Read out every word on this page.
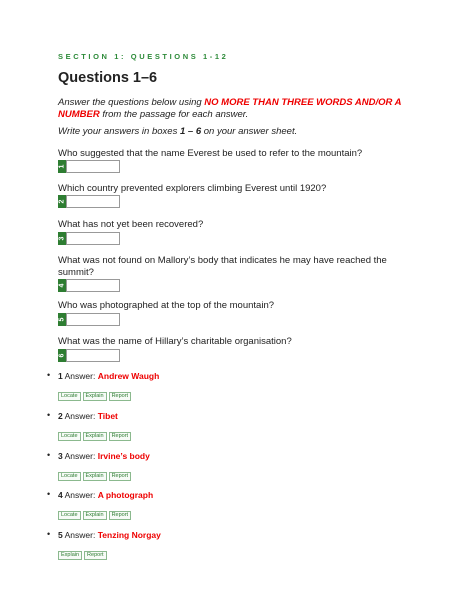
SECTION 1: QUESTIONS 1-12
Questions 1–6
Answer the questions below using NO MORE THAN THREE WORDS AND/OR A NUMBER from the passage for each answer.
Write your answers in boxes 1 – 6 on your answer sheet.
Who suggested that the name Everest be used to refer to the mountain?
1
Which country prevented explorers climbing Everest until 1920?
2
What has not yet been recovered?
3
What was not found on Mallory’s body that indicates he may have reached the summit?
4
Who was photographed at the top of the mountain?
5
What was the name of Hillary’s charitable organisation?
6
• 1 Answer: Andrew Waugh
Locate	Explain	Report
• 2 Answer: Tibet
Locate	Explain	Report
• 3 Answer: Irvine’s body
Locate	Explain	Report
• 4 Answer: A photograph
Locate	Explain	Report
• 5 Answer: Tenzing Norgay
Explain	Report
